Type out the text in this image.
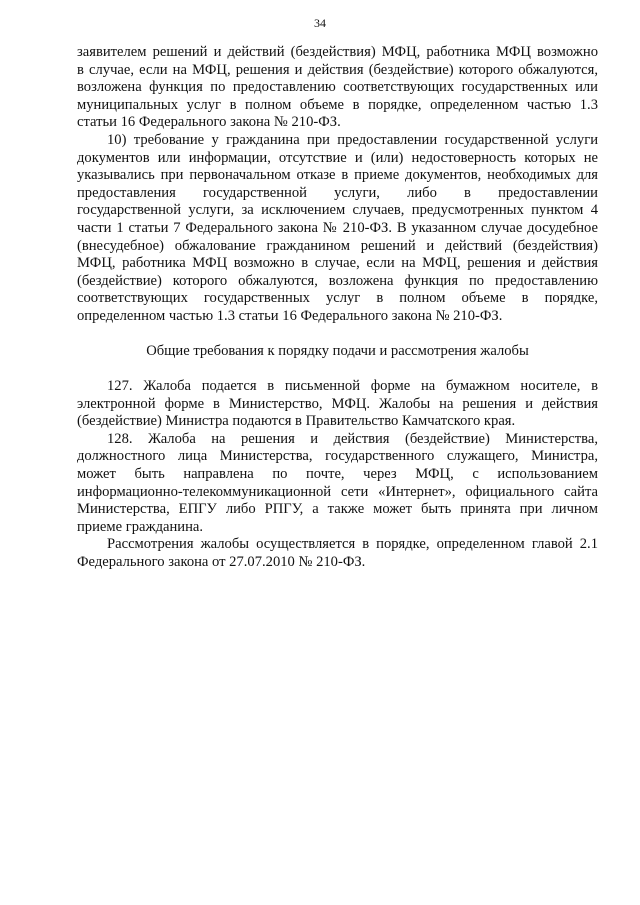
34
заявителем решений и действий (бездействия) МФЦ, работника МФЦ возможно
в случае, если на МФЦ, решения и действия (бездействие) которого обжалуются,
возложена функция по предоставлению соответствующих государственных или
муниципальных услуг в полном объеме в порядке, определенном частью 1.3
статьи 16 Федерального закона № 210-ФЗ.
10) требование у гражданина при предоставлении государственной услуги
документов или информации, отсутствие и (или) недостоверность которых не
указывались при первоначальном отказе в приеме документов, необходимых для
предоставления государственной услуги, либо в предоставлении
государственной услуги, за исключением случаев, предусмотренных пунктом 4
части 1 статьи 7 Федерального закона № 210-ФЗ. В указанном случае досудебное
(внесудебное) обжалование гражданином решений и действий (бездействия)
МФЦ, работника МФЦ возможно в случае, если на МФЦ, решения и действия
(бездействие) которого обжалуются, возложена функция по предоставлению
соответствующих государственных услуг в полном объеме в порядке,
определенном частью 1.3 статьи 16 Федерального закона № 210-ФЗ.
Общие требования к порядку подачи и рассмотрения жалобы
127. Жалоба подается в письменной форме на бумажном носителе, в
электронной форме в Министерство, МФЦ. Жалобы на решения и действия
(бездействие) Министра подаются в Правительство Камчатского края.
128. Жалоба на решения и действия (бездействие) Министерства,
должностного лица Министерства, государственного служащего, Министра,
может быть направлена по почте, через МФЦ, с использованием
информационно-телекоммуникационной сети «Интернет», официального сайта
Министерства, ЕПГУ либо РПГУ, а также может быть принята при личном
приеме гражданина.
Рассмотрения жалобы осуществляется в порядке, определенном главой 2.1
Федерального закона от 27.07.2010 № 210-ФЗ.
